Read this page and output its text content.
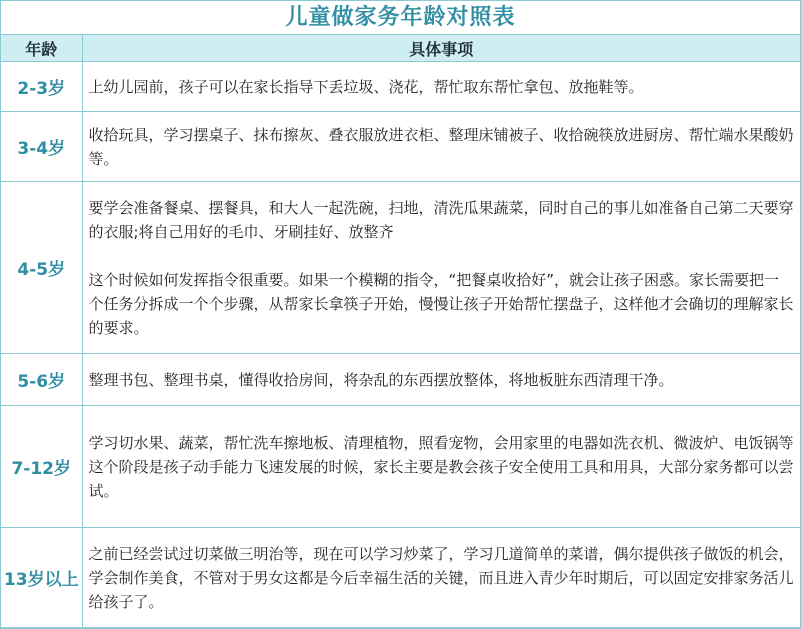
儿童做家务年龄对照表
年龄	具体事项
2-3岁	上幼儿园前，孩子可以在家长指导下丢垃圾、浇花，帮忙取东帮忙拿包、放拖鞋等。

3-4岁	收拾玩具，学习摆桌子、抹布擦灰、叠衣服放进衣柜、整理床铺被子、收拾碗筷放进厨房、帮忙端水果酸奶等。

4-5岁	要学会准备餐桌、摆餐具，和大人一起洗碗，扫地，清洗瓜果蔬菜，同时自己的事儿如准备自己第二天要穿的衣服;将自己用好的毛巾、牙刷挂好、放整齐

这个时候如何发挥指令很重要。如果一个模糊的指令，“把餐桌收拾好”，就会让孩子困惑。家长需要把一个任务分拆成一个个步骤，从帮家长拿筷子开始，慢慢让孩子开始帮忙摆盘子，这样他才会确切的理解家长的要求。

5-6岁	整理书包、整理书桌，懂得收拾房间，将杂乱的东西摆放整体，将地板脏东西清理干净。

7-12岁	学习切水果、蔬菜，帮忙洗车擦地板、清理植物，照看宠物，会用家里的电器如洗衣机、微波炉、电饭锅等

这个阶段是孩子动手能力飞速发展的时候，家长主要是教会孩子安全使用工具和用具，大部分家务都可以尝试。

13岁以上	之前已经尝试过切菜做三明治等，现在可以学习炒菜了，学习几道简单的菜谱，偶尔提供孩子做饭的机会，学会制作美食，不管对于男女这都是今后幸福生活的关键，而且进入青少年时期后，可以固定安排家务活儿给孩子了。
